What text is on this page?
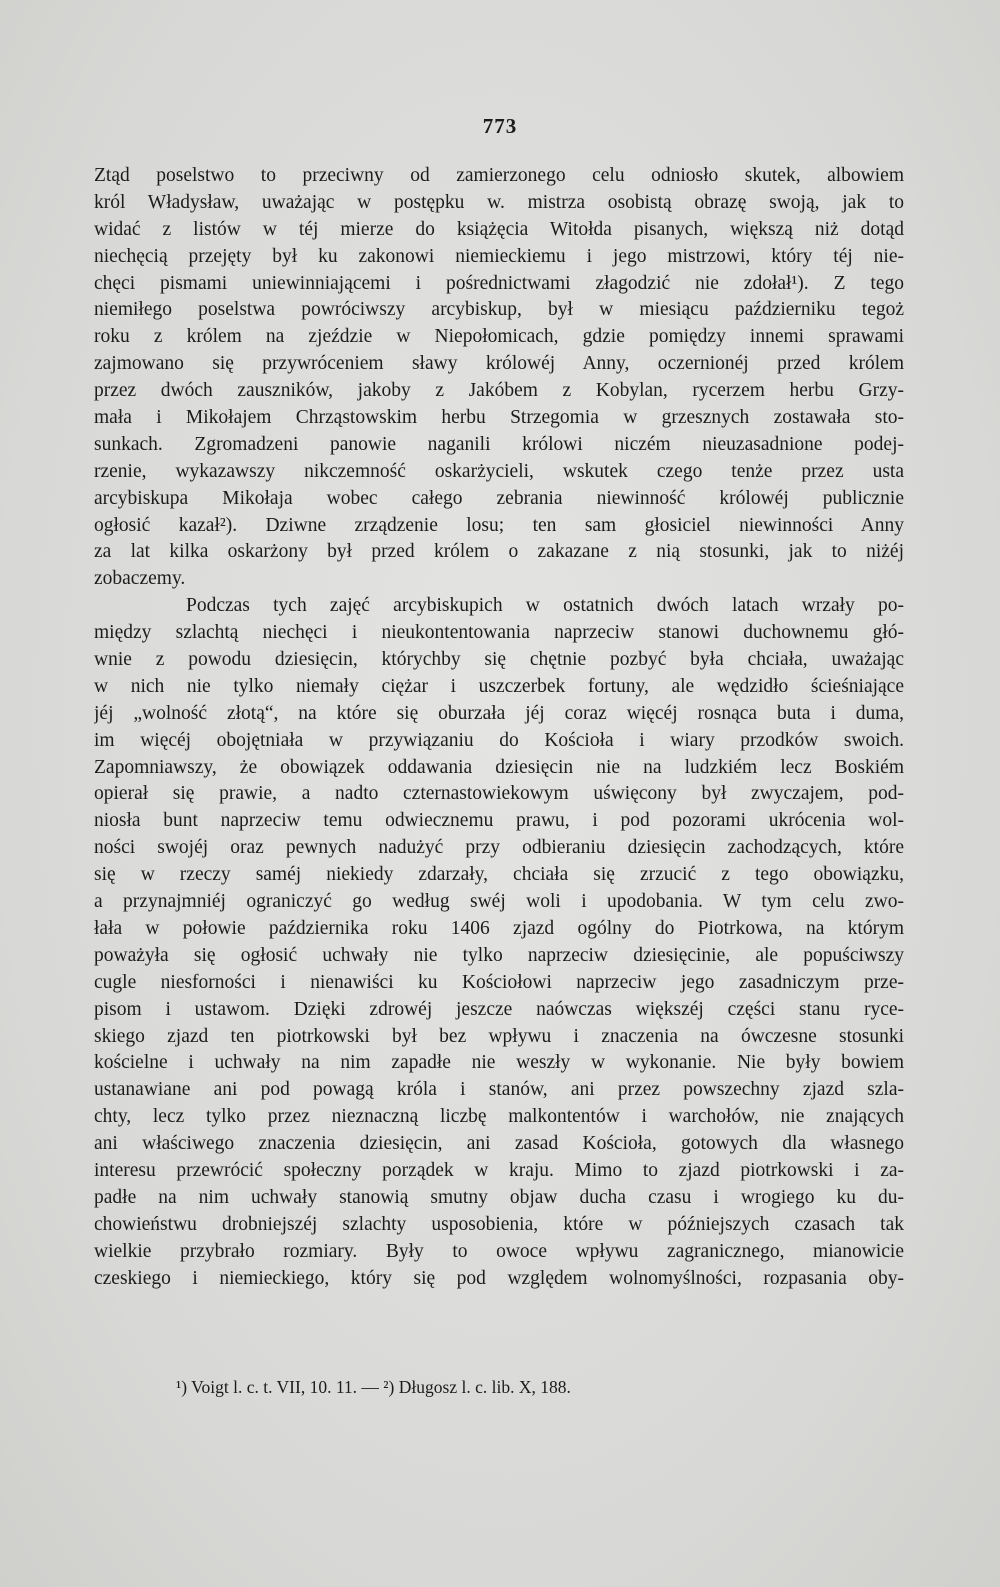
773
Ztąd poselstwo to przeciwny od zamierzonego celu odniosło skutek, albowiem
król Władysław, uważając w postępku w. mistrza osobistą obrazę swoją, jak to
widać z listów w téj mierze do książęcia Witołda pisanych, większą niż dotąd
niechęcią przejęty był ku zakonowi niemieckiemu i jego mistrzowi, który téj nie-
chęci pismami uniewinniającemi i pośrednictwami złagodzić nie zdołał¹). Z tego
niemiłego poselstwa powróciwszy arcybiskup, był w miesiącu październiku tegoż
roku z królem na zjeździe w Niepołomicach, gdzie pomiędzy innemi sprawami
zajmowano się przywróceniem sławy królowéj Anny, oczernionéj przed królem
przez dwóch zauszników, jakoby z Jakóbem z Kobylan, rycerzem herbu Grzy-
mała i Mikołajem Chrząstowskim herbu Strzegomia w grzesznych zostawała sto-
sunkach. Zgromadzeni panowie naganili królowi niczém nieuzasadnione podej-
rzenie, wykazawszy nikczemność oskarżycieli, wskutek czego tenże przez usta
arcybiskupa Mikołaja wobec całego zebrania niewinność królowéj publicznie
ogłosić kazał²). Dziwne zrządzenie losu; ten sam głosiciel niewinności Anny
za lat kilka oskarżony był przed królem o zakazane z nią stosunki, jak to niżéj
zobaczemy.
Podczas tych zajęć arcybiskupich w ostatnich dwóch latach wrzały po-
między szlachtą niechęci i nieukontentowania naprzeciw stanowi duchownemu głó-
wnie z powodu dziesięcin, którychby się chętnie pozbyć była chciała, uważając
w nich nie tylko niemały ciężar i uszczerbek fortuny, ale wędzidło ścieśniające
jéj „wolność złotą“, na które się oburzała jéj coraz więcéj rosnąca buta i duma,
im więcéj obojętniała w przywiązaniu do Kościoła i wiary przodków swoich.
Zapomniawszy, że obowiązek oddawania dziesięcin nie na ludzkiém lecz Boskiém
opierał się prawie, a nadto czternastowiekowym uświęcony był zwyczajem, pod-
niosła bunt naprzeciw temu odwiecznemu prawu, i pod pozorami ukrócenia wol-
ności swojéj oraz pewnych nadużyć przy odbieraniu dziesięcin zachodzących, które
się w rzeczy saméj niekiedy zdarzały, chciała się zrzucić z tego obowiązku,
a przynajmniéj ograniczyć go według swéj woli i upodobania. W tym celu zwo-
łała w połowie października roku 1406 zjazd ogólny do Piotrkowa, na którym
poważyła się ogłosić uchwały nie tylko naprzeciw dziesięcinie, ale popuściwszy
cugle niesforności i nienawiści ku Kościołowi naprzeciw jego zasadniczym prze-
pisom i ustawom. Dzięki zdrowéj jeszcze naówczas większéj części stanu ryce-
skiego zjazd ten piotrkowski był bez wpływu i znaczenia na ówczesne stosunki
kościelne i uchwały na nim zapadłe nie weszły w wykonanie. Nie były bowiem
ustanawiane ani pod powagą króla i stanów, ani przez powszechny zjazd szla-
chty, lecz tylko przez nieznaczną liczbę malkontentów i warchołów, nie znających
ani właściwego znaczenia dziesięcin, ani zasad Kościoła, gotowych dla własnego
interesu przewrócić społeczny porządek w kraju. Mimo to zjazd piotrkowski i za-
padłe na nim uchwały stanowią smutny objaw ducha czasu i wrogiego ku du-
chowieństwu drobniejszéj szlachty usposobienia, które w późniejszych czasach tak
wielkie przybrało rozmiary. Były to owoce wpływu zagranicznego, mianowicie
czeskiego i niemieckiego, który się pod względem wolnomyślności, rozpasania oby-
¹) Voigt l. c. t. VII, 10. 11. — ²) Długosz l. c. lib. X, 188.
